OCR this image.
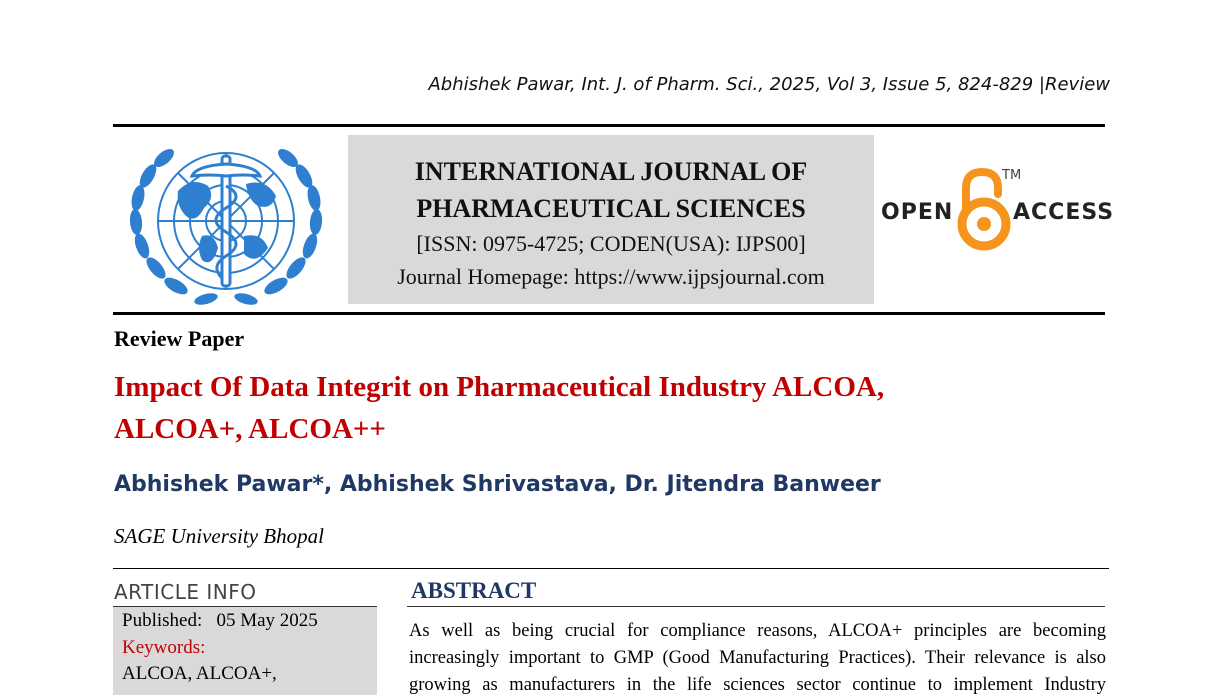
Abhishek Pawar, Int. J. of Pharm. Sci., 2025, Vol 3, Issue 5, 824-829 |Review
INTERNATIONAL JOURNAL OF
PHARMACEUTICAL SCIENCES
[ISSN: 0975-4725; CODEN(USA): IJPS00]
Journal Homepage: https://www.ijpsjournal.com
OPEN
TM
ACCESS
Review Paper
Impact Of Data Integrit on Pharmaceutical Industry ALCOA,
ALCOA+, ALCOA++
Abhishek Pawar*, Abhishek Shrivastava, Dr. Jitendra Banweer
SAGE University Bhopal
ARTICLE INFO
Published: 05 May 2025
Keywords:
ALCOA, ALCOA+,
ABSTRACT
As well as being crucial for compliance reasons, ALCOA+ principles are becoming
increasingly important to GMP (Good Manufacturing Practices). Their relevance is also
growing as manufacturers in the life sciences sector continue to implement Industry
